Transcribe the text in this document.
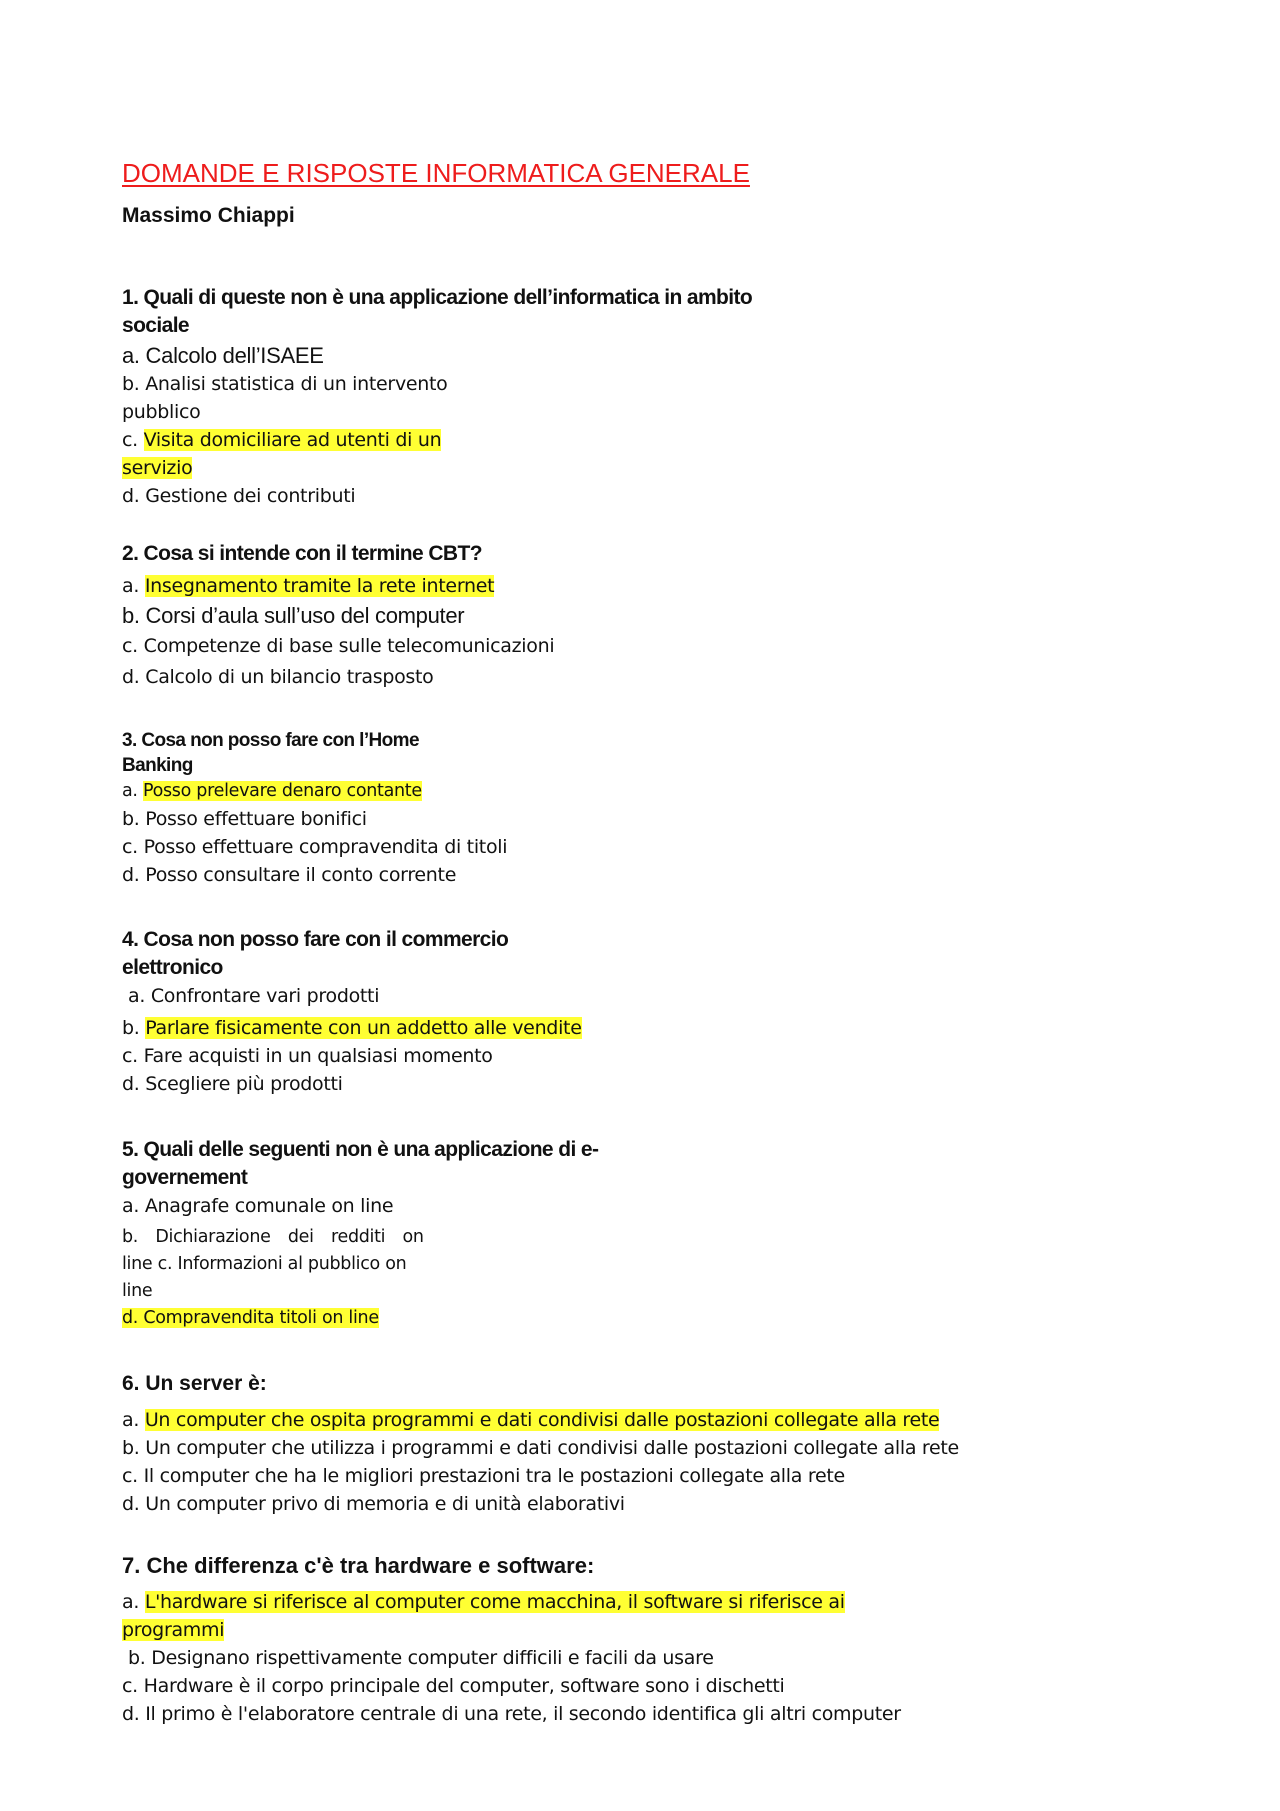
DOMANDE E RISPOSTE INFORMATICA GENERALE
Massimo Chiappi
1. Quali di queste non è una applicazione dell’informatica in ambito
sociale
a. Calcolo dell’ISAEE
b. Analisi statistica di un intervento
pubblico
c. Visita domiciliare ad utenti di un
servizio
d. Gestione dei contributi
2. Cosa si intende con il termine CBT?
a. Insegnamento tramite la rete internet
b. Corsi d’aula sull’uso del computer
c. Competenze di base sulle telecomunicazioni
d. Calcolo di un bilancio trasposto
3. Cosa non posso fare con l’Home
Banking
a. Posso prelevare denaro contante
b. Posso effettuare bonifici
c. Posso effettuare compravendita di titoli
d. Posso consultare il conto corrente
4. Cosa non posso fare con il commercio
elettronico
a. Confrontare vari prodotti
b. Parlare fisicamente con un addetto alle vendite
c. Fare acquisti in un qualsiasi momento
d. Scegliere più prodotti
5. Quali delle seguenti non è una applicazione di e-
governement
a. Anagrafe comunale on line
b. Dichiarazione dei redditi on
line c. Informazioni al pubblico on
line
d. Compravendita titoli on line
6. Un server è:
a. Un computer che ospita programmi e dati condivisi dalle postazioni collegate alla rete
b. Un computer che utilizza i programmi e dati condivisi dalle postazioni collegate alla rete
c. Il computer che ha le migliori prestazioni tra le postazioni collegate alla rete
d. Un computer privo di memoria e di unità elaborativi
7. Che differenza c'è tra hardware e software:
a. L'hardware si riferisce al computer come macchina, il software si riferisce ai
programmi
b. Designano rispettivamente computer difficili e facili da usare
c. Hardware è il corpo principale del computer, software sono i dischetti
d. Il primo è l'elaboratore centrale di una rete, il secondo identifica gli altri computer
